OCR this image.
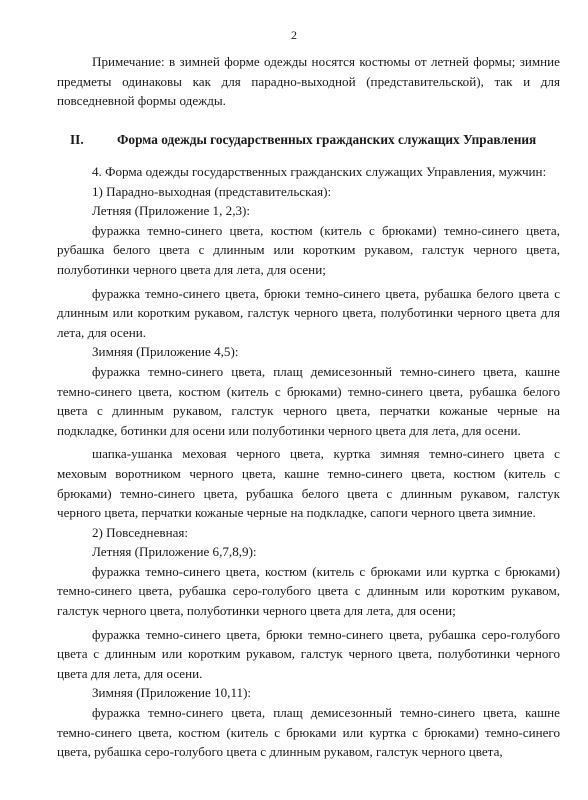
2

Примечание: в зимней форме одежды носятся костюмы от летней формы; зимние предметы одинаковы как для парадно-выходной (представительской), так и для повседневной формы одежды.

II.	Форма одежды государственных гражданских служащих Управления

4. Форма одежды государственных гражданских служащих Управления, мужчин:

1) Парадно-выходная (представительская):

Летняя (Приложение 1, 2,3):

фуражка темно-синего цвета, костюм (китель с брюками) темно-синего цвета, рубашка белого цвета с длинным или коротким рукавом, галстук черного цвета, полуботинки черного цвета для лета, для осени;

фуражка темно-синего цвета, брюки темно-синего цвета, рубашка белого цвета с длинным или коротким рукавом, галстук черного цвета, полуботинки черного цвета для лета, для осени.

Зимняя (Приложение 4,5):

фуражка темно-синего цвета, плащ демисезонный темно-синего цвета, кашне темно-синего цвета, костюм (китель с брюками) темно-синего цвета, рубашка белого цвета с длинным рукавом, галстук черного цвета, перчатки кожаные черные на подкладке, ботинки для осени или полуботинки черного цвета для лета, для осени.

шапка-ушанка меховая черного цвета, куртка зимняя темно-синего цвета с меховым воротником черного цвета, кашне темно-синего цвета, костюм (китель с брюками) темно-синего цвета, рубашка белого цвета с длинным рукавом, галстук черного цвета, перчатки кожаные черные на подкладке, сапоги черного цвета зимние.

2) Повседневная:

Летняя (Приложение 6,7,8,9):

фуражка темно-синего цвета, костюм (китель с брюками или куртка с брюками) темно-синего цвета, рубашка серо-голубого цвета с длинным или коротким рукавом, галстук черного цвета, полуботинки черного цвета для лета, для осени;

фуражка темно-синего цвета, брюки темно-синего цвета, рубашка серо-голубого цвета с длинным или коротким рукавом, галстук черного цвета, полуботинки черного цвета для лета, для осени.

Зимняя (Приложение 10,11):

фуражка темно-синего цвета, плащ демисезонный темно-синего цвета, кашне темно-синего цвета, костюм (китель с брюками или куртка с брюками) темно-синего цвета, рубашка серо-голубого цвета с длинным рукавом, галстук черного цвета,
